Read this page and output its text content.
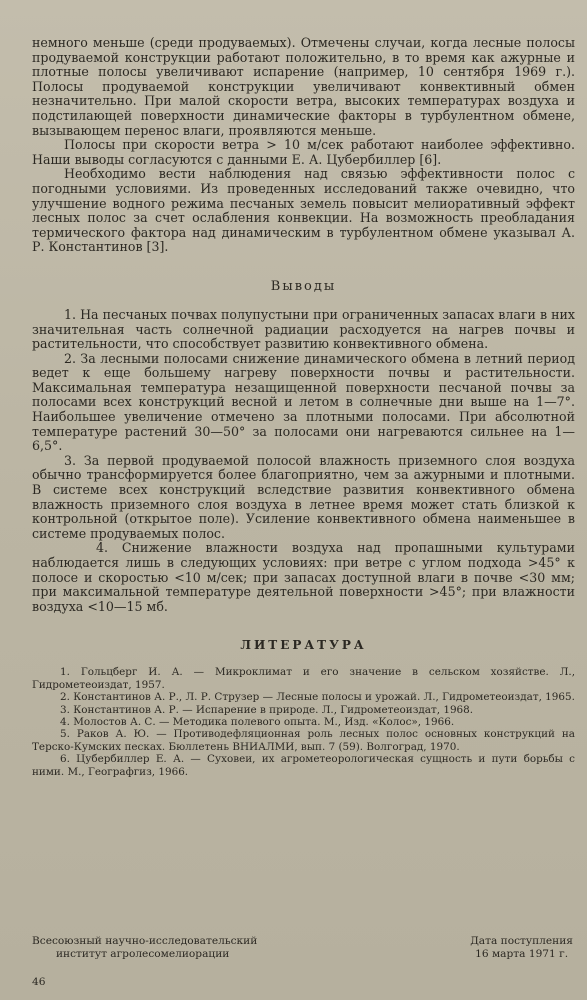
немного меньше (среди продуваемых). Отмечены случаи, когда лесные полосы продуваемой конструкции работают положительно, в то время как ажурные и плотные полосы увеличивают испарение (например, 10 сентября 1969 г.). Полосы продуваемой конструкции увеличивают конвективный обмен незначительно. При малой скорости ветра, высоких температурах воздуха и подстилающей поверхности динамические факторы в турбулентном обмене, вызывающем перенос влаги, проявляются меньше.

Полосы при скорости ветра > 10 м/сек работают наиболее эффективно. Наши выводы согласуются с данными Е. А. Цубербиллер [6].

Необходимо вести наблюдения над связью эффективности полос с погодными условиями. Из проведенных исследований также очевидно, что улучшение водного режима песчаных земель повысит мелиоративный эффект лесных полос за счет ослабления конвекции. На возможность преобладания термического фактора над динамическим в турбулентном обмене указывал А. Р. Константинов [3].

Выводы

1. На песчаных почвах полупустыни при ограниченных запасах влаги в них значительная часть солнечной радиации расходуется на нагрев почвы и растительности, что способствует развитию конвективного обмена.

2. За лесными полосами снижение динамического обмена в летний период ведет к еще большему нагреву поверхности почвы и растительности. Максимальная температура незащищенной поверхности песчаной почвы за полосами всех конструкций весной и летом в солнечные дни выше на 1—7°. Наибольшее увеличение отмечено за плотными полосами. При абсолютной температуре растений 30—50° за полосами они нагреваются сильнее на 1—6,5°.

3. За первой продуваемой полосой влажность приземного слоя воздуха обычно трансформируется более благоприятно, чем за ажурными и плотными. В системе всех конструкций вследствие развития конвективного обмена влажность приземного слоя воздуха в летнее время может стать близкой к контрольной (открытое поле). Усиление конвективного обмена наименьшее в системе продуваемых полос.

4. Снижение влажности воздуха над пропашными культурами наблюдается лишь в следующих условиях: при ветре с углом подхода >45° к полосе и скоростью <10 м/сек; при запасах доступной влаги в почве <30 мм; при максимальной температуре деятельной поверхности >45°; при влажности воздуха <10—15 мб.

ЛИТЕРАТУРА

1. Гольцберг И. А. — Микроклимат и его значение в сельском хозяйстве. Л., Гидрометеоиздат, 1957.

2. Константинов А. Р., Л. Р. Струзер — Лесные полосы и урожай. Л., Гидрометеоиздат, 1965.

3. Константинов А. Р. — Испарение в природе. Л., Гидрометеоиздат, 1968.

4. Молостов А. С. — Методика полевого опыта. М., Изд. «Колос», 1966.

5. Раков А. Ю. — Противодефляционная роль лесных полос основных конструкций на Терско-Кумских песках. Бюллетень ВНИАЛМИ, вып. 7 (59). Волгоград, 1970.

6. Цубербиллер Е. А. — Суховеи, их агрометеорологическая сущность и пути борьбы с ними. М., Географгиз, 1966.

Всесоюзный научно-исследовательский
институт агролесомелиорации
Дата поступления
16 марта 1971 г.
46
